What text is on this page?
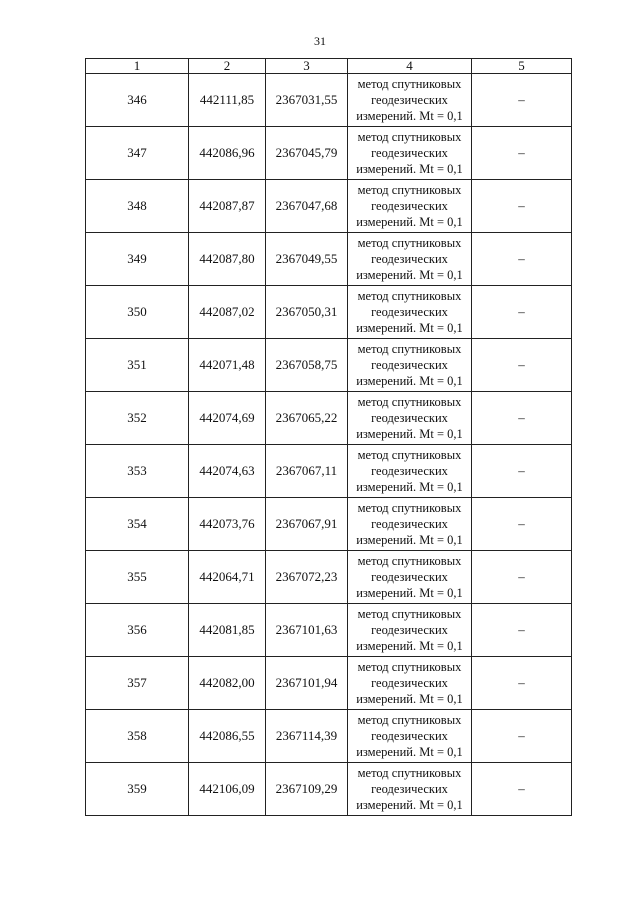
31
1	2	3	4	5
346	442111,85	2367031,55	метод спутниковых
геодезических
измерений. Mt = 0,1	–
347	442086,96	2367045,79	метод спутниковых
геодезических
измерений. Mt = 0,1	–
348	442087,87	2367047,68	метод спутниковых
геодезических
измерений. Mt = 0,1	–
349	442087,80	2367049,55	метод спутниковых
геодезических
измерений. Mt = 0,1	–
350	442087,02	2367050,31	метод спутниковых
геодезических
измерений. Mt = 0,1	–
351	442071,48	2367058,75	метод спутниковых
геодезических
измерений. Mt = 0,1	–
352	442074,69	2367065,22	метод спутниковых
геодезических
измерений. Mt = 0,1	–
353	442074,63	2367067,11	метод спутниковых
геодезических
измерений. Mt = 0,1	–
354	442073,76	2367067,91	метод спутниковых
геодезических
измерений. Mt = 0,1	–
355	442064,71	2367072,23	метод спутниковых
геодезических
измерений. Mt = 0,1	–
356	442081,85	2367101,63	метод спутниковых
геодезических
измерений. Mt = 0,1	–
357	442082,00	2367101,94	метод спутниковых
геодезических
измерений. Mt = 0,1	–
358	442086,55	2367114,39	метод спутниковых
геодезических
измерений. Mt = 0,1	–
359	442106,09	2367109,29	метод спутниковых
геодезических
измерений. Mt = 0,1	–
